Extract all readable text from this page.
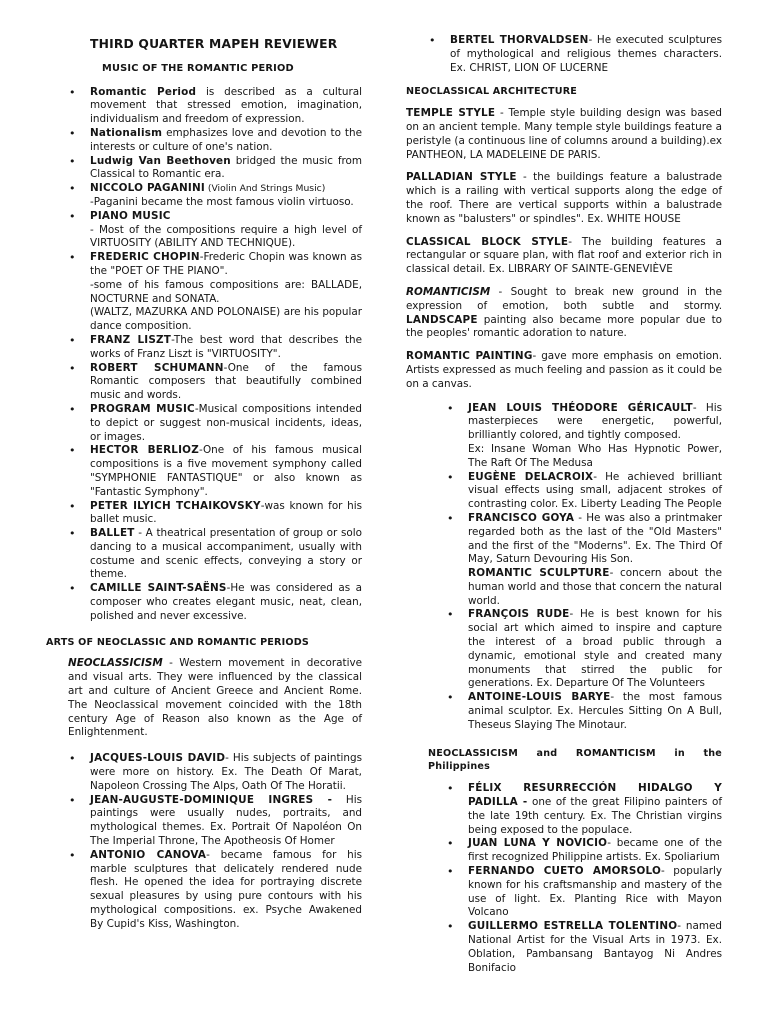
THIRD QUARTER MAPEH REVIEWER
MUSIC OF THE ROMANTIC PERIOD
• Romantic Period is described as a cultural movement that stressed emotion, imagination, individualism and freedom of expression.
• Nationalism emphasizes love and devotion to the interests or culture of one's nation.
• Ludwig Van Beethoven bridged the music from Classical to Romantic era.
• NICCOLO PAGANINI (Violin And Strings Music)
-Paganini became the most famous violin virtuoso.
• PIANO MUSIC
- Most of the compositions require a high level of VIRTUOSITY (ABILITY AND TECHNIQUE).
• FREDERIC CHOPIN-Frederic Chopin was known as the "POET OF THE PIANO".
-some of his famous compositions are: BALLADE, NOCTURNE and SONATA.
(WALTZ, MAZURKA AND POLONAISE) are his popular dance composition.
• FRANZ LISZT-The best word that describes the works of Franz Liszt is "VIRTUOSITY".
• ROBERT SCHUMANN-One of the famous Romantic composers that beautifully combined music and words.
• PROGRAM MUSIC-Musical compositions intended to depict or suggest non-musical incidents, ideas, or images.
• HECTOR BERLIOZ-One of his famous musical compositions is a five movement symphony called "SYMPHONIE FANTASTIQUE" or also known as "Fantastic Symphony".
• PETER ILYICH TCHAIKOVSKY-was known for his ballet music.
• BALLET - A theatrical presentation of group or solo dancing to a musical accompaniment, usually with costume and scenic effects, conveying a story or theme.
• CAMILLE SAINT-SAËNS-He was considered as a composer who creates elegant music, neat, clean, polished and never excessive.
ARTS OF NEOCLASSIC AND ROMANTIC PERIODS

NEOCLASSICISM - Western movement in decorative and visual arts. They were influenced by the classical art and culture of Ancient Greece and Ancient Rome. The Neoclassical movement coincided with the 18th century Age of Reason also known as the Age of Enlightenment.

• JACQUES-LOUIS DAVID- His subjects of paintings were more on history. Ex. The Death Of Marat, Napoleon Crossing The Alps, Oath Of The Horatii.
• JEAN-AUGUSTE-DOMINIQUE INGRES - His paintings were usually nudes, portraits, and mythological themes. Ex. Portrait Of Napoléon On The Imperial Throne, The Apotheosis Of Homer
• ANTONIO CANOVA- became famous for his marble sculptures that delicately rendered nude flesh. He opened the idea for portraying discrete sexual pleasures by using pure contours with his mythological compositions. ex. Psyche Awakened By Cupid's Kiss, Washington.
• BERTEL THORVALDSEN- He executed sculptures of mythological and religious themes characters. Ex. CHRIST, LION OF LUCERNE
NEOCLASSICAL ARCHITECTURE

TEMPLE STYLE - Temple style building design was based on an ancient temple. Many temple style buildings feature a peristyle (a continuous line of columns around a building).ex PANTHEON, LA MADELEINE DE PARIS.

PALLADIAN STYLE - the buildings feature a balustrade which is a railing with vertical supports along the edge of the roof. There are vertical supports within a balustrade known as "balusters" or spindles". Ex. WHITE HOUSE

CLASSICAL BLOCK STYLE- The building features a rectangular or square plan, with flat roof and exterior rich in classical detail. Ex. LIBRARY OF SAINTE-GENEVIÈVE

ROMANTICISM - Sought to break new ground in the expression of emotion, both subtle and stormy. LANDSCAPE painting also became more popular due to the peoples' romantic adoration to nature.

ROMANTIC PAINTING- gave more emphasis on emotion. Artists expressed as much feeling and passion as it could be on a canvas.

• JEAN LOUIS THÉODORE GÉRICAULT- His masterpieces were energetic, powerful, brilliantly colored, and tightly composed.
Ex: Insane Woman Who Has Hypnotic Power, The Raft Of The Medusa
• EUGÈNE DELACROIX- He achieved brilliant visual effects using small, adjacent strokes of contrasting color. Ex. Liberty Leading The People
• FRANCISCO GOYA - He was also a printmaker regarded both as the last of the "Old Masters" and the first of the "Moderns". Ex. The Third Of May, Saturn Devouring His Son.
ROMANTIC SCULPTURE- concern about the human world and those that concern the natural world.
• FRANÇOIS RUDE- He is best known for his social art which aimed to inspire and capture the interest of a broad public through a dynamic, emotional style and created many monuments that stirred the public for generations. Ex. Departure Of The Volunteers
• ANTOINE-LOUIS BARYE- the most famous animal sculptor. Ex. Hercules Sitting On A Bull, Theseus Slaying The Minotaur.
NEOCLASSICISM and ROMANTICISM in the Philippines
• FÉLIX RESURRECCIÓN HIDALGO Y PADILLA - one of the great Filipino painters of the late 19th century. Ex. The Christian virgins being exposed to the populace.
• JUAN LUNA Y NOVICIO- became one of the first recognized Philippine artists. Ex. Spoliarium
• FERNANDO CUETO AMORSOLO- popularly known for his craftsmanship and mastery of the use of light. Ex. Planting Rice with Mayon Volcano
• GUILLERMO ESTRELLA TOLENTINO- named National Artist for the Visual Arts in 1973. Ex. Oblation, Pambansang Bantayog Ni Andres Bonifacio
